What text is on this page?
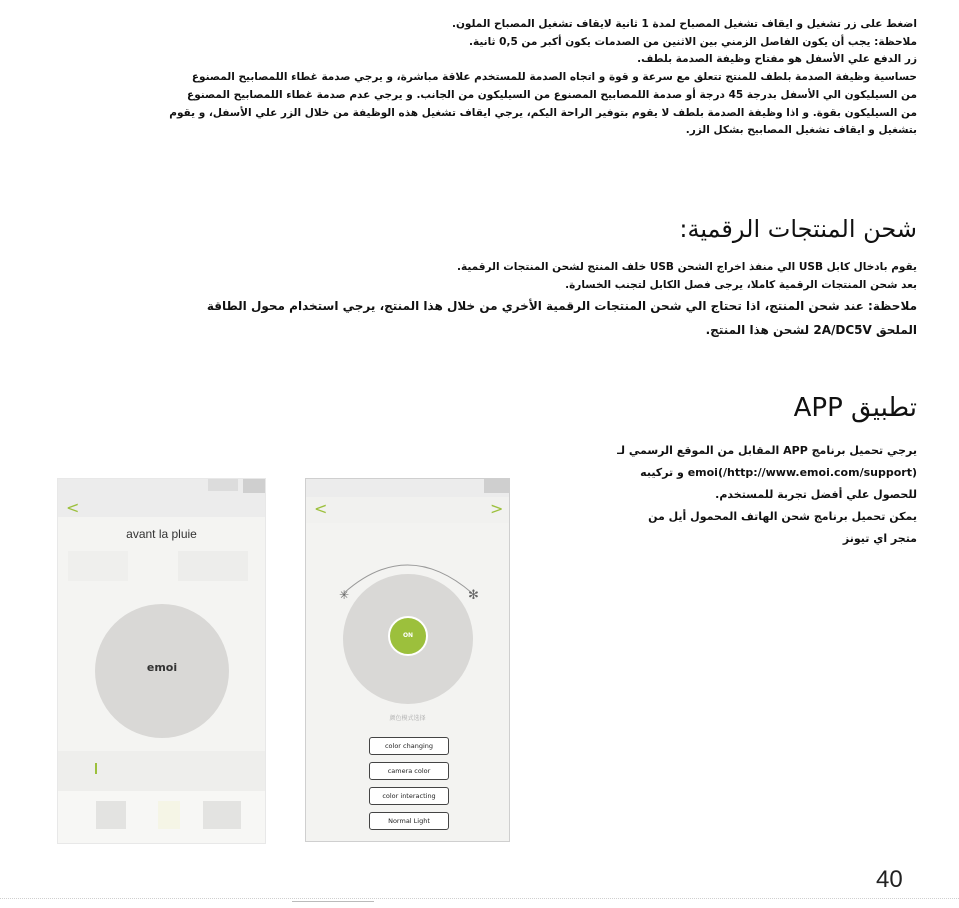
اضغط على زر تشغيل و ايقاف تشغيل المصباح لمدة 1 ثانية لايقاف تشغيل المصباح الملون.

ملاحظة: يجب أن يكون الفاصل الزمني بين الاثنين من الصدمات يكون أكبر من 0,5 ثانية.

زر الدفع علي الأسفل هو مفتاح وظيفة الصدمة بلطف.

حساسية وظيفة الصدمة بلطف للمنتج تتعلق مع سرعة و قوة و اتجاه الصدمة للمستخدم علاقة مباشرة، و يرجي صدمة غطاء اللمصابيح المصنوع

من السيليكون الي الأسفل بدرجة 45 درجة أو صدمة اللمصابيح المصنوع من السيليكون من الجانب. و يرجي عدم صدمة غطاء اللمصابيح المصنوع

من السيليكون بقوة. و اذا وظيفة الصدمة بلطف لا يقوم بتوفير الراحة اليكم، يرجي ايقاف تشغيل هذه الوظيفة من خلال الزر علي الأسفل، و يقوم

بتشغيل و ايقاف تشغيل المصابيح بشكل الزر.

شحن المنتجات الرقمية:

يقوم بادخال كابل USB الي منفذ اخراج الشحن USB خلف المنتج لشحن المنتجات الرقمية.

بعد شحن المنتجات الرقمية كاملا، يرجى فصل الكابل لتجنب الخسارة.

ملاحظة: عند شحن المنتج، اذا تحتاج الي شحن المنتجات الرقمية الأخري من خلال هذا المنتج، يرجي استخدام محول الطاقة

الملحق 2A/DC5V لشحن هذا المنتج.

تطبيق APP

يرجي تحميل برنامج APP المقابل من الموقع الرسمي لـ

(http://www.emoi.com/support/)emoi و تركيبه

للحصول علي أفضل تجربة للمستخدم.

يمكن تحميل برنامج شحن الهاتف المحمول أيل من

متجر اي تيونز

<
avant la pluie
emoi
<	>
✳	✻
ON
颜色模式选择
color changing
camera color
color interacting
Normal Light
40
